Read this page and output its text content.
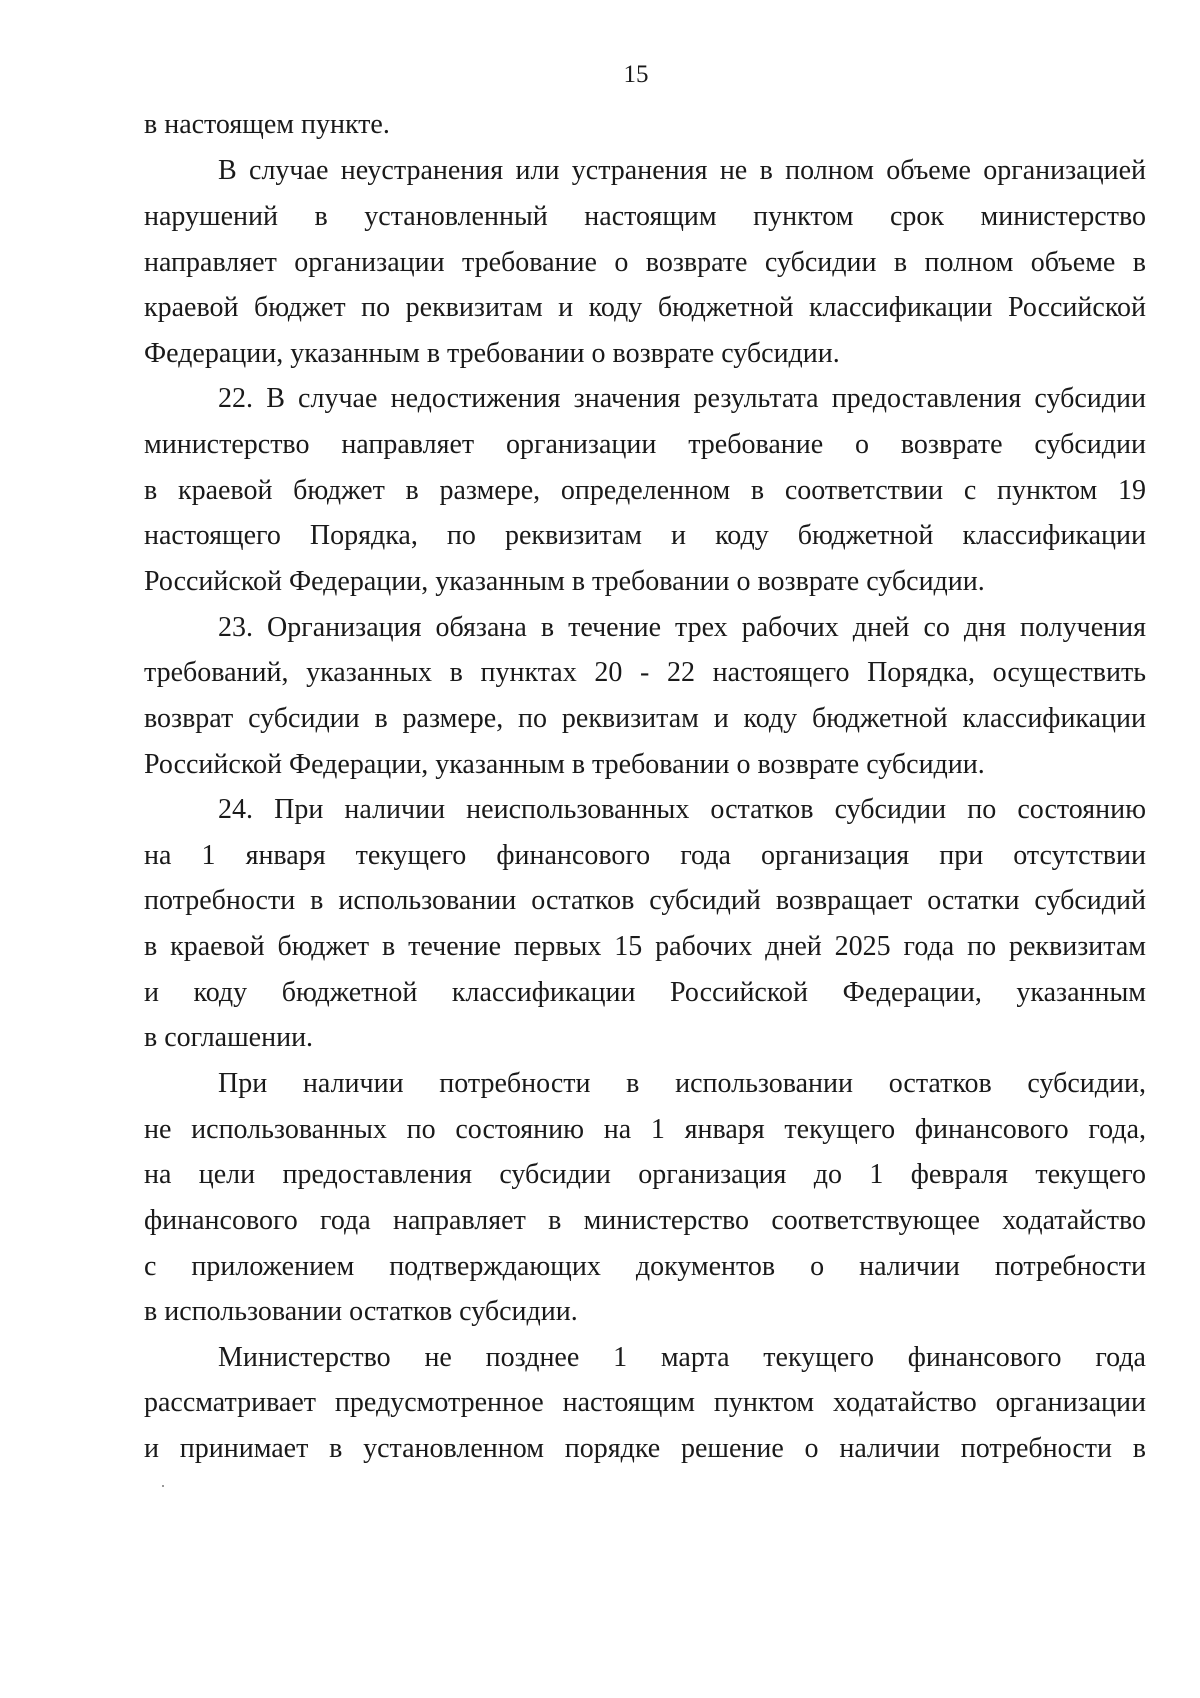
15
в настоящем пункте.
В случае неустранения или устранения не в полном объеме организацией
нарушений в установленный настоящим пунктом срок министерство
направляет организации требование о возврате субсидии в полном объеме в
краевой бюджет по реквизитам и коду бюджетной классификации Российской
Федерации, указанным в требовании о возврате субсидии.
22. В случае недостижения значения результата предоставления субсидии
министерство направляет организации требование о возврате субсидии
в краевой бюджет в размере, определенном в соответствии с пунктом 19
настоящего Порядка, по реквизитам и коду бюджетной классификации
Российской Федерации, указанным в требовании о возврате субсидии.
23. Организация обязана в течение трех рабочих дней со дня получения
требований, указанных в пунктах 20 - 22 настоящего Порядка, осуществить
возврат субсидии в размере, по реквизитам и коду бюджетной классификации
Российской Федерации, указанным в требовании о возврате субсидии.
24. При наличии неиспользованных остатков субсидии по состоянию
на 1 января текущего финансового года организация при отсутствии
потребности в использовании остатков субсидий возвращает остатки субсидий
в краевой бюджет в течение первых 15 рабочих дней 2025 года по реквизитам
и коду бюджетной классификации Российской Федерации, указанным
в соглашении.
При наличии потребности в использовании остатков субсидии,
не использованных по состоянию на 1 января текущего финансового года,
на цели предоставления субсидии организация до 1 февраля текущего
финансового года направляет в министерство соответствующее ходатайство
с приложением подтверждающих документов о наличии потребности
в использовании остатков субсидии.
Министерство не позднее 1 марта текущего финансового года
рассматривает предусмотренное настоящим пунктом ходатайство организации
и принимает в установленном порядке решение о наличии потребности в
